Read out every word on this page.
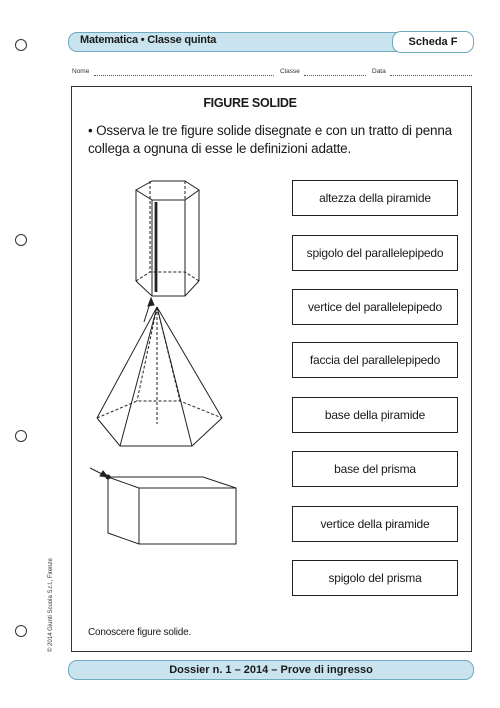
Matematica • Classe quinta	Scheda F
Nome	Classe	Data
FIGURE SOLIDE
• Osserva le tre figure solide disegnate e con un tratto di penna collega a ognuna di esse le definizioni adatte.
altezza della piramide
spigolo del parallelepipedo
vertice del parallelepipedo
faccia del parallelepipedo
base della piramide
base del prisma
vertice della piramide
spigolo del prisma
Conoscere figure solide.
© 2014 Giunti Scuola S.r.l., Firenze
Dossier n. 1 – 2014 – Prove di ingresso
